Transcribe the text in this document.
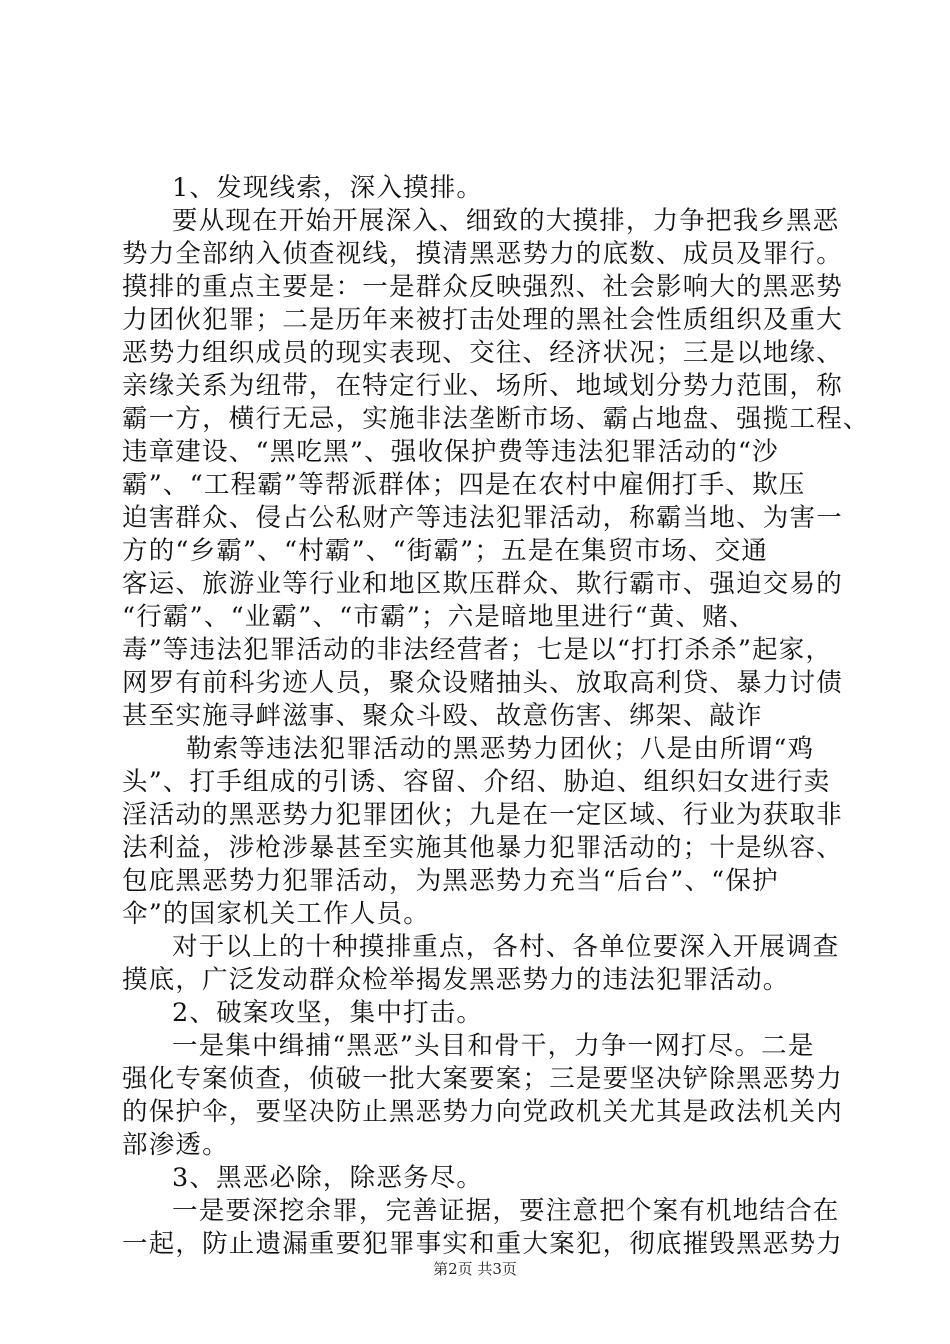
1、发现线索，深入摸排。
要从现在开始开展深入、细致的大摸排，力争把我乡黑恶
势力全部纳入侦查视线，摸清黑恶势力的底数、成员及罪行。
摸排的重点主要是：一是群众反映强烈、社会影响大的黑恶势
力团伙犯罪；二是历年来被打击处理的黑社会性质组织及重大
恶势力组织成员的现实表现、交往、经济状况；三是以地缘、
亲缘关系为纽带，在特定行业、场所、地域划分势力范围，称
霸一方，横行无忌，实施非法垄断市场、霸占地盘、强揽工程、
违章建设、“黑吃黑”、强收保护费等违法犯罪活动的“沙
霸”、“工程霸”等帮派群体；四是在农村中雇佣打手、欺压
迫害群众、侵占公私财产等违法犯罪活动，称霸当地、为害一
方的“乡霸”、“村霸”、“街霸”；五是在集贸市场、交通
客运、旅游业等行业和地区欺压群众、欺行霸市、强迫交易的
“行霸”、“业霸”、“市霸”；六是暗地里进行“黄、赌、
毒”等违法犯罪活动的非法经营者；七是以“打打杀杀”起家，
网罗有前科劣迹人员，聚众设赌抽头、放取高利贷、暴力讨债
甚至实施寻衅滋事、聚众斗殴、故意伤害、绑架、敲诈
勒索等违法犯罪活动的黑恶势力团伙；八是由所谓“鸡
头”、打手组成的引诱、容留、介绍、胁迫、组织妇女进行卖
淫活动的黑恶势力犯罪团伙；九是在一定区域、行业为获取非
法利益，涉枪涉暴甚至实施其他暴力犯罪活动的；十是纵容、
包庇黑恶势力犯罪活动，为黑恶势力充当“后台”、“保护
伞”的国家机关工作人员。
对于以上的十种摸排重点，各村、各单位要深入开展调查
摸底，广泛发动群众检举揭发黑恶势力的违法犯罪活动。
2、破案攻坚，集中打击。
一是集中缉捕“黑恶”头目和骨干，力争一网打尽。二是
强化专案侦查，侦破一批大案要案；三是要坚决铲除黑恶势力
的保护伞，要坚决防止黑恶势力向党政机关尤其是政法机关内
部渗透。
3、黑恶必除，除恶务尽。
一是要深挖余罪，完善证据，要注意把个案有机地结合在
一起，防止遗漏重要犯罪事实和重大案犯，彻底摧毁黑恶势力
第2页 共3页
